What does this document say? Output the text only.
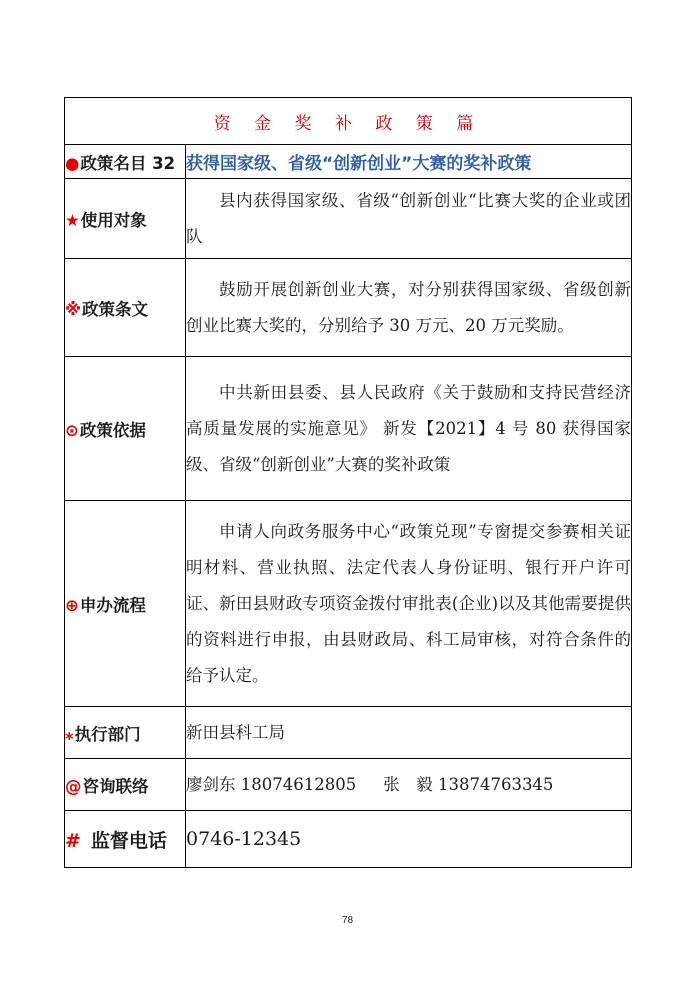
资 金 奖 补 政 策 篇	
●政策名目 32	获得国家级、省级“创新创业”大赛的奖补政策
★使用对象	县内获得国家级、省级“创新创业“比赛大奖的企业或团队
※政策条文	鼓励开展创新创业大赛，对分别获得国家级、省级创新创业比赛大奖的，分别给予 30 万元、20 万元奖励。
⊙政策依据	中共新田县委、县人民政府《关于鼓励和支持民营经济高质量发展的实施意见》 新发【2021】4 号 80 获得国家级、省级“创新创业”大赛的奖补政策
⊕申办流程	申请人向政务服务中心“政策兑现”专窗提交参赛相关证明材料、营业执照、法定代表人身份证明、银行开户许可证、新田县财政专项资金拨付审批表(企业)以及其他需要提供的资料进行申报，由县财政局、科工局审核，对符合条件的给予认定。
⁎执行部门	新田县科工局
@咨询联络	廖剑东 18074612805 　 张　毅 13874763345
# 监督电话	0746-12345
78
